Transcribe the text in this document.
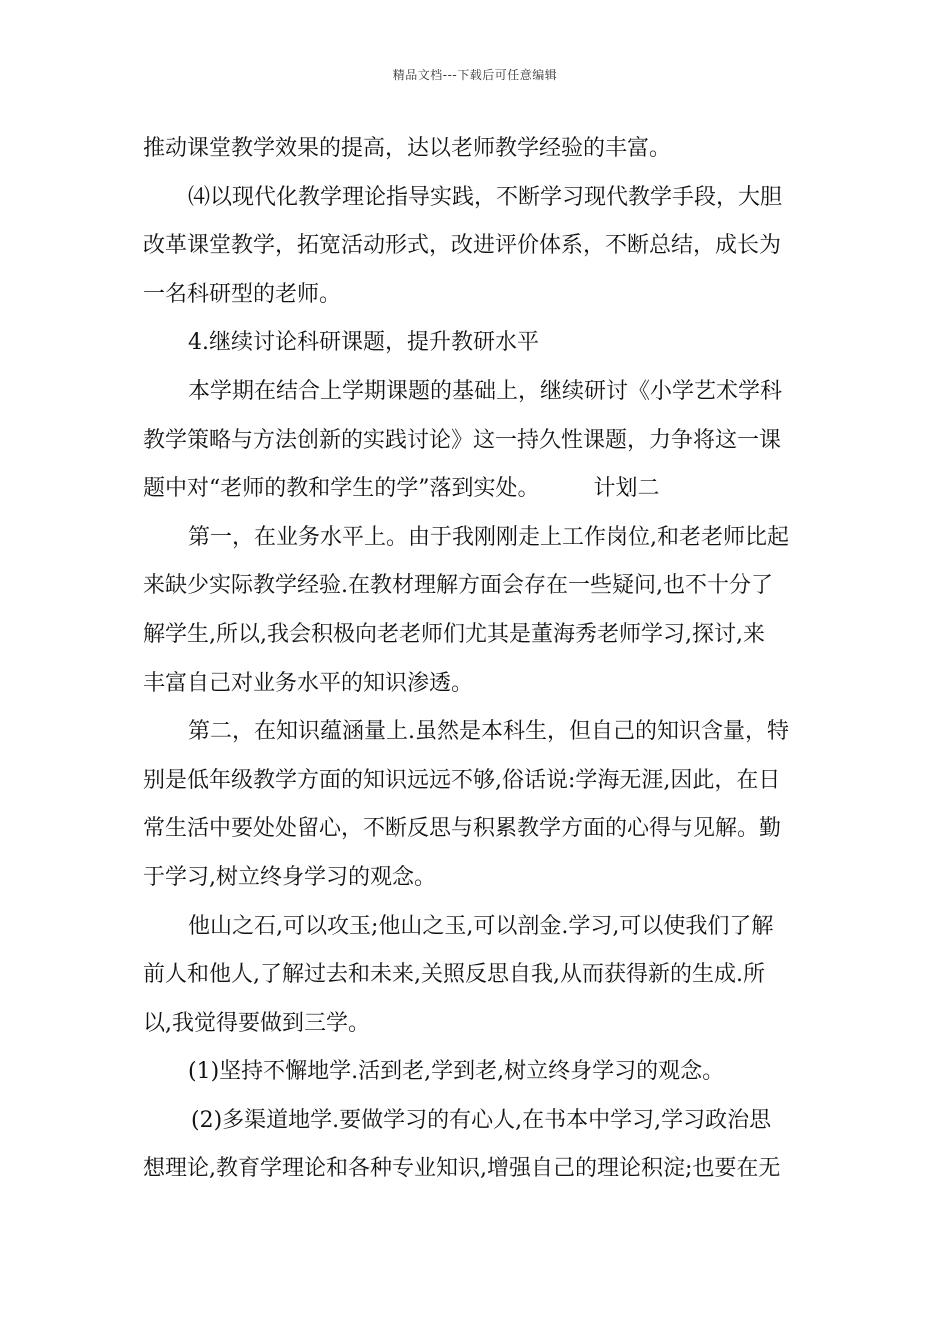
精品文档---下载后可任意编辑
推动课堂教学效果的提高，达以老师教学经验的丰富。
⑷以现代化教学理论指导实践，不断学习现代教学手段，大胆
改革课堂教学，拓宽活动形式，改进评价体系，不断总结，成长为
一名科研型的老师。
4.继续讨论科研课题，提升教研水平
本学期在结合上学期课题的基础上，继续研讨《小学艺术学科
教学策略与方法创新的实践讨论》这一持久性课题，力争将这一课
题中对“老师的教和学生的学”落到实处。 计划二
第一，在业务水平上。由于我刚刚走上工作岗位,和老老师比起
来缺少实际教学经验.在教材理解方面会存在一些疑问,也不十分了
解学生,所以,我会积极向老老师们尤其是董海秀老师学习,探讨,来
丰富自己对业务水平的知识渗透。
第二，在知识蕴涵量上.虽然是本科生，但自己的知识含量，特
别是低年级教学方面的知识远远不够,俗话说:学海无涯,因此，在日
常生活中要处处留心，不断反思与积累教学方面的心得与见解。勤
于学习,树立终身学习的观念。
他山之石,可以攻玉;他山之玉,可以剖金.学习,可以使我们了解
前人和他人,了解过去和未来,关照反思自我,从而获得新的生成.所
以,我觉得要做到三学。
(1)坚持不懈地学.活到老,学到老,树立终身学习的观念。
(2)多渠道地学.要做学习的有心人,在书本中学习,学习政治思
想理论,教育学理论和各种专业知识,增强自己的理论积淀;也要在无
